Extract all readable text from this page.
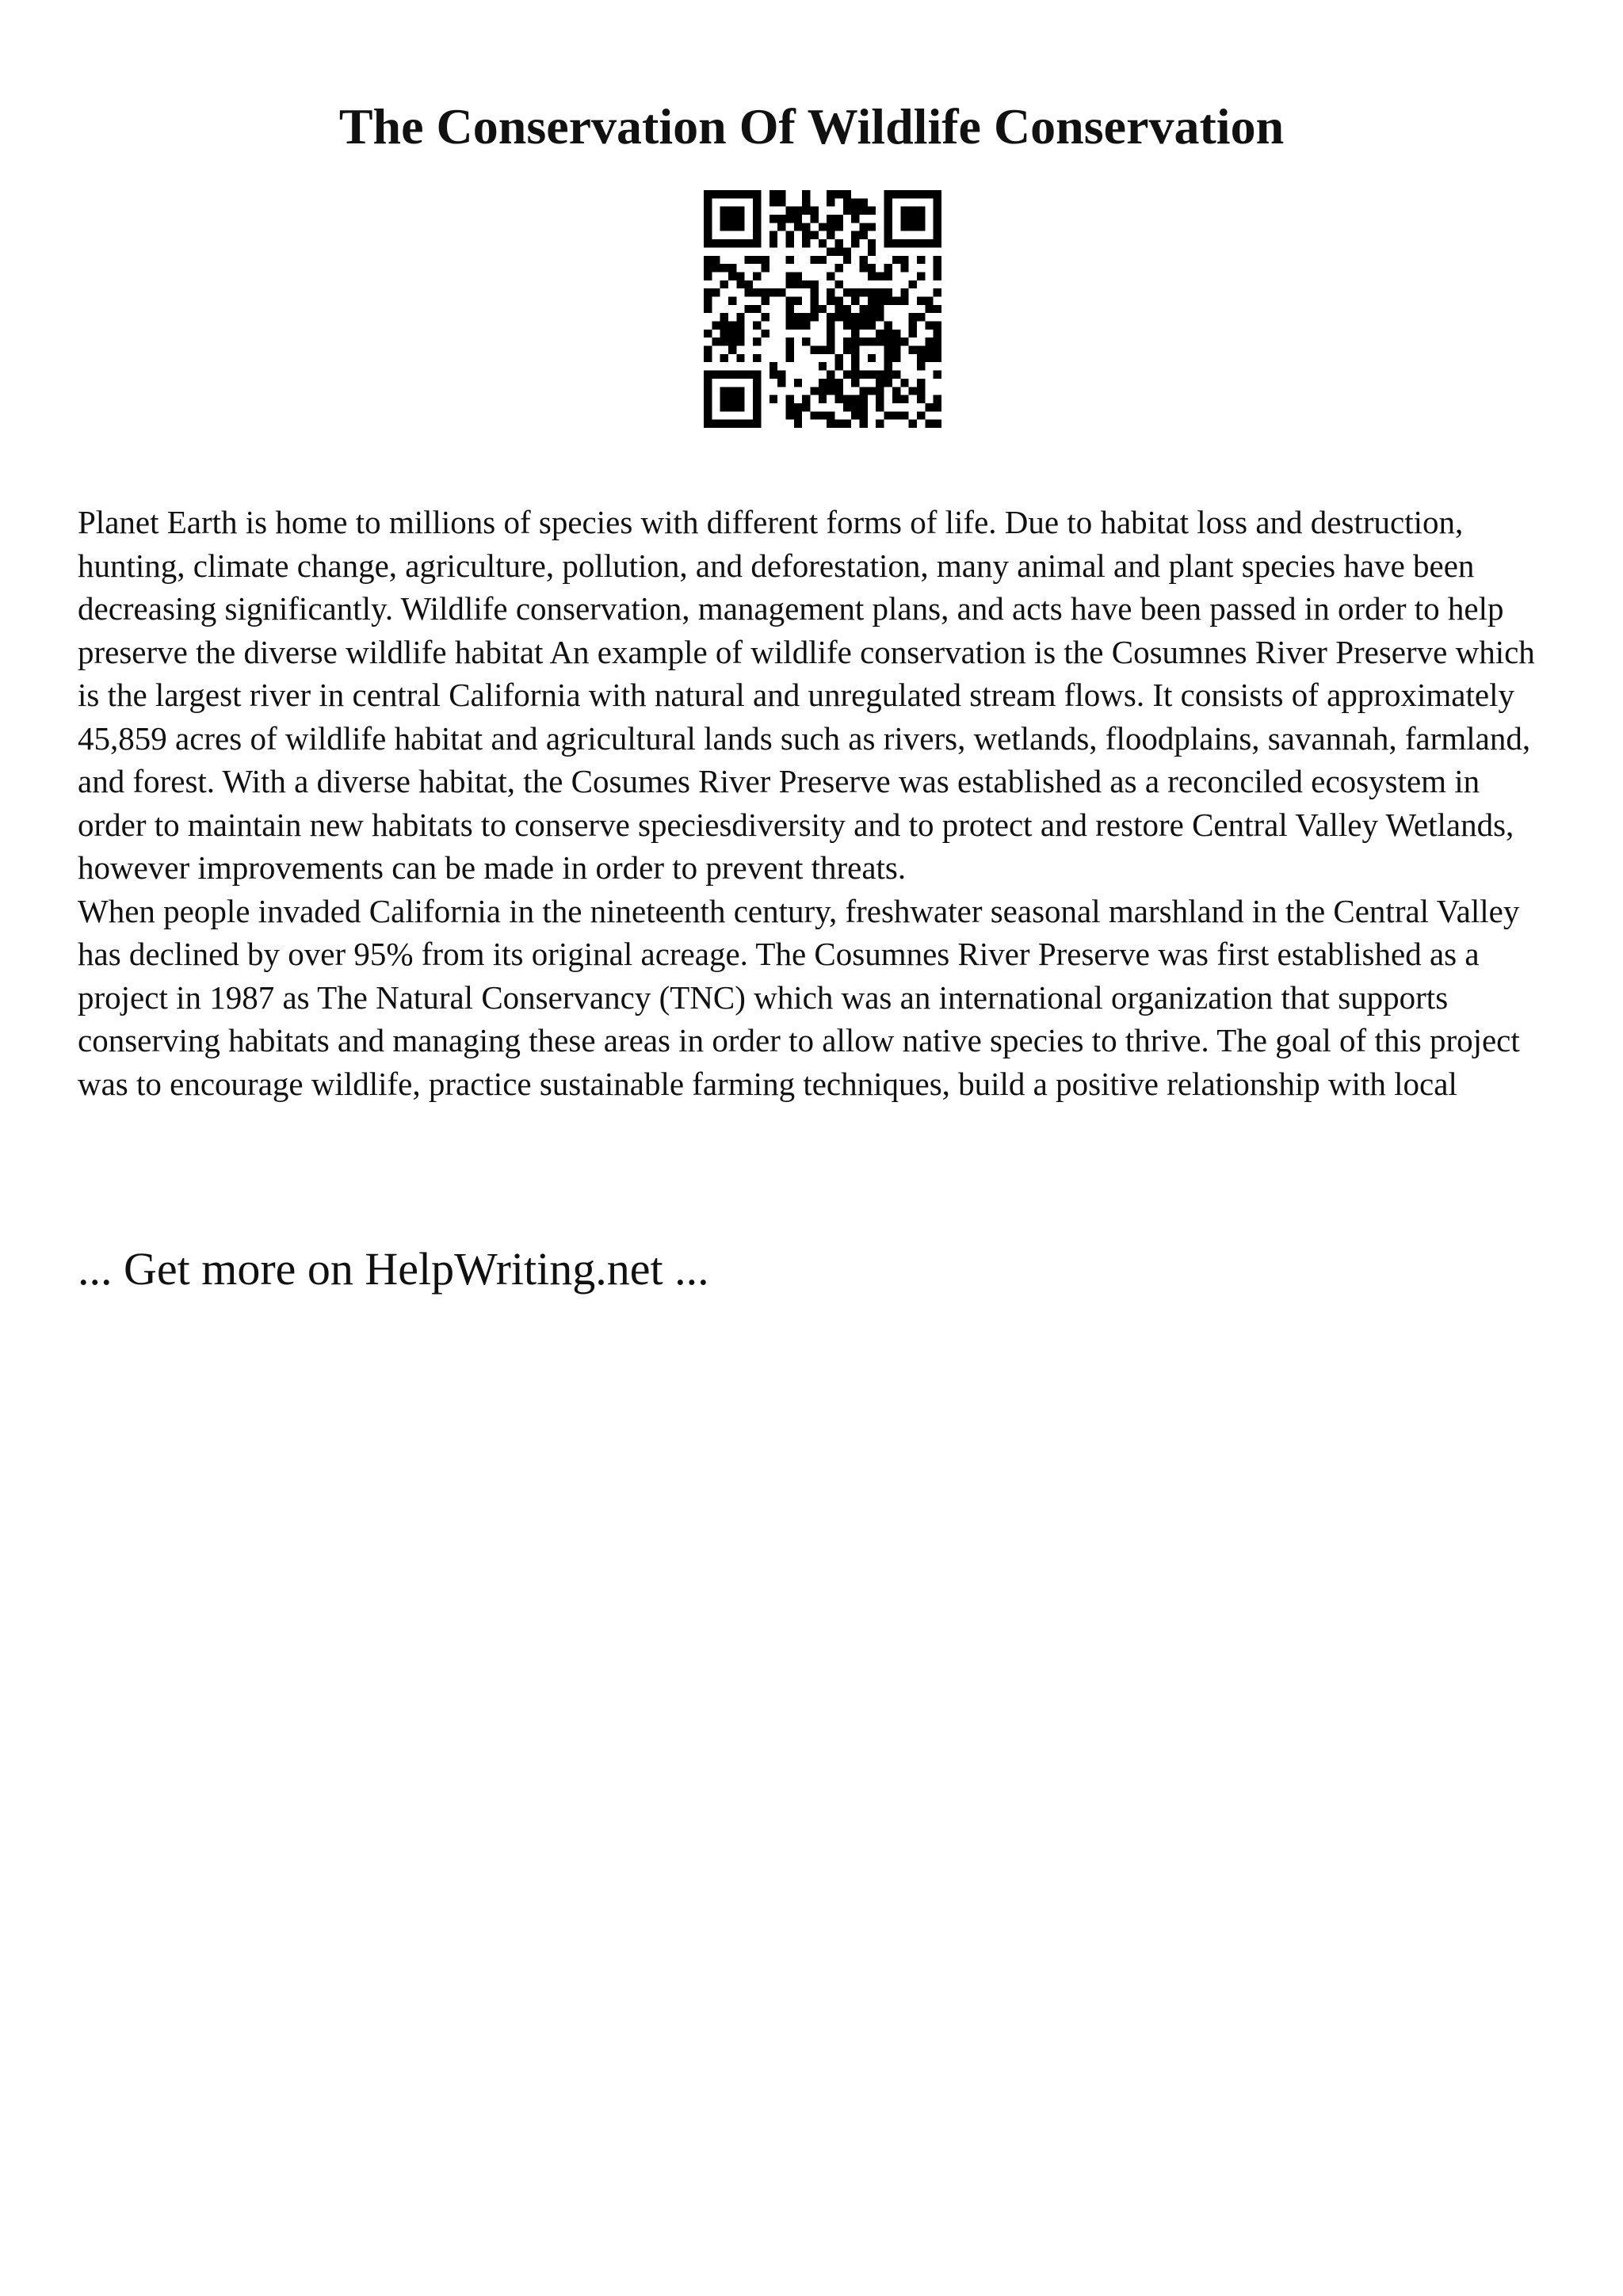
The Conservation Of Wildlife Conservation

Planet Earth is home to millions of species with different forms of life. Due to habitat loss and destruction, hunting, climate change, agriculture, pollution, and deforestation, many animal and plant species have been decreasing significantly. Wildlife conservation, management plans, and acts have been passed in order to help preserve the diverse wildlife habitat An example of wildlife conservation is the Cosumnes River Preserve which is the largest river in central California with natural and unregulated stream flows. It consists of approximately 45,859 acres of wildlife habitat and agricultural lands such as rivers, wetlands, floodplains, savannah, farmland, and forest. With a diverse habitat, the Cosumes River Preserve was established as a reconciled ecosystem in order to maintain new habitats to conserve speciesdiversity and to protect and restore Central Valley Wetlands, however improvements can be made in order to prevent threats.

When people invaded California in the nineteenth century, freshwater seasonal marshland in the Central Valley has declined by over 95% from its original acreage. The Cosumnes River Preserve was first established as a project in 1987 as The Natural Conservancy (TNC) which was an international organization that supports conserving habitats and managing these areas in order to allow native species to thrive. The goal of this project was to encourage wildlife, practice sustainable farming techniques, build a positive relationship with local

... Get more on HelpWriting.net ...
